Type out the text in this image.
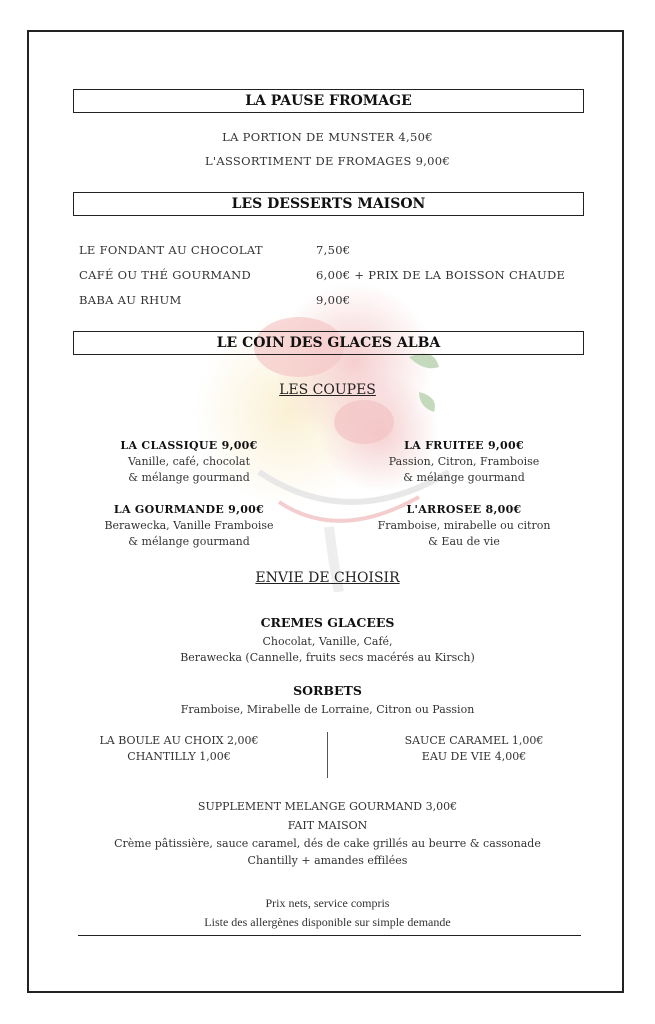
LA PAUSE FROMAGE
LA PORTION DE MUNSTER 4,50€
L'ASSORTIMENT DE FROMAGES 9,00€
LES DESSERTS MAISON
LE FONDANT AU CHOCOLAT	7,50€
CAFÉ OU THÉ GOURMAND	6,00€ + PRIX DE LA BOISSON CHAUDE
BABA AU RHUM	9,00€
LE COIN DES GLACES ALBA
LES COUPES
LA CLASSIQUE 9,00€
Vanille, café, chocolat
& mélange gourmand
LA FRUITEE 9,00€
Passion, Citron, Framboise
& mélange gourmand
LA GOURMANDE 9,00€
Berawecka, Vanille Framboise
& mélange gourmand
L'ARROSEE 8,00€
Framboise, mirabelle ou citron
& Eau de vie
ENVIE DE CHOISIR
CREMES GLACEES
Chocolat, Vanille, Café,
Berawecka (Cannelle, fruits secs macérés au Kirsch)
SORBETS
Framboise, Mirabelle de Lorraine, Citron ou Passion
LA BOULE AU CHOIX 2,00€
CHANTILLY 1,00€
SAUCE CARAMEL 1,00€
EAU DE VIE 4,00€
SUPPLEMENT MELANGE GOURMAND 3,00€
FAIT MAISON
Crème pâtissière, sauce caramel, dés de cake grillés au beurre & cassonade
Chantilly + amandes effilées
Prix nets, service compris
Liste des allergènes disponible sur simple demande
